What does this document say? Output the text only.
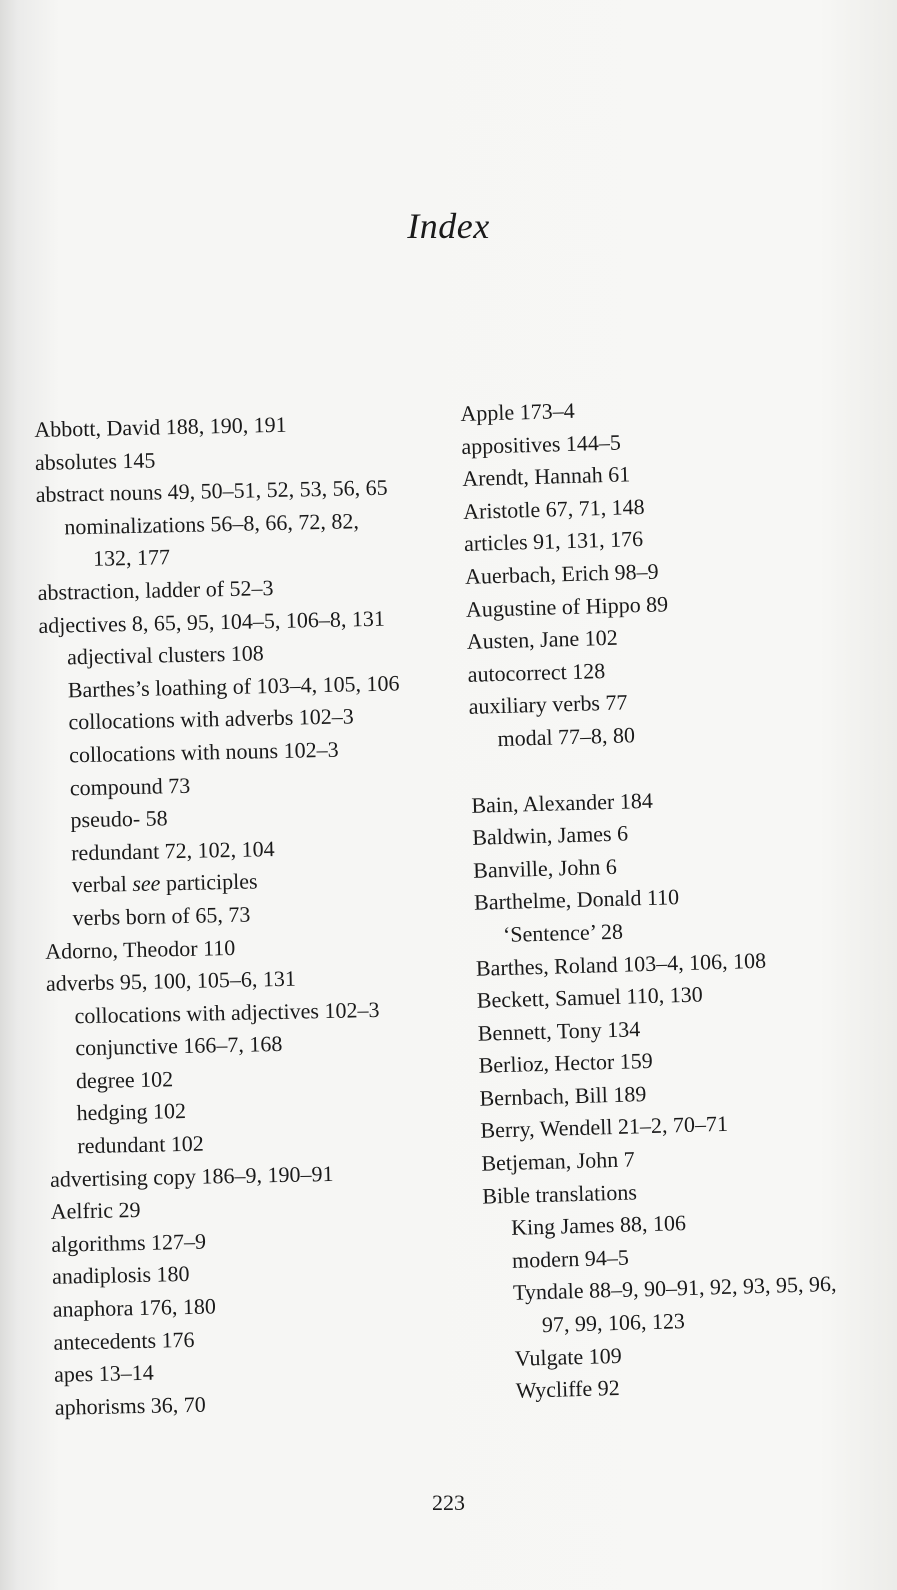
Index
Abbott, David 188, 190, 191
absolutes 145
abstract nouns 49, 50–51, 52, 53, 56, 65
nominalizations 56–8, 66, 72, 82,
132, 177
abstraction, ladder of 52–3
adjectives 8, 65, 95, 104–5, 106–8, 131
adjectival clusters 108
Barthes’s loathing of 103–4, 105, 106
collocations with adverbs 102–3
collocations with nouns 102–3
compound 73
pseudo- 58
redundant 72, 102, 104
verbal see participles
verbs born of 65, 73
Adorno, Theodor 110
adverbs 95, 100, 105–6, 131
collocations with adjectives 102–3
conjunctive 166–7, 168
degree 102
hedging 102
redundant 102
advertising copy 186–9, 190–91
Aelfric 29
algorithms 127–9
anadiplosis 180
anaphora 176, 180
antecedents 176
apes 13–14
aphorisms 36, 70
Apple 173–4
appositives 144–5
Arendt, Hannah 61
Aristotle 67, 71, 148
articles 91, 131, 176
Auerbach, Erich 98–9
Augustine of Hippo 89
Austen, Jane 102
autocorrect 128
auxiliary verbs 77
modal 77–8, 80
Bain, Alexander 184
Baldwin, James 6
Banville, John 6
Barthelme, Donald 110
‘Sentence’ 28
Barthes, Roland 103–4, 106, 108
Beckett, Samuel 110, 130
Bennett, Tony 134
Berlioz, Hector 159
Bernbach, Bill 189
Berry, Wendell 21–2, 70–71
Betjeman, John 7
Bible translations
King James 88, 106
modern 94–5
Tyndale 88–9, 90–91, 92, 93, 95, 96,
97, 99, 106, 123
Vulgate 109
Wycliffe 92
223
